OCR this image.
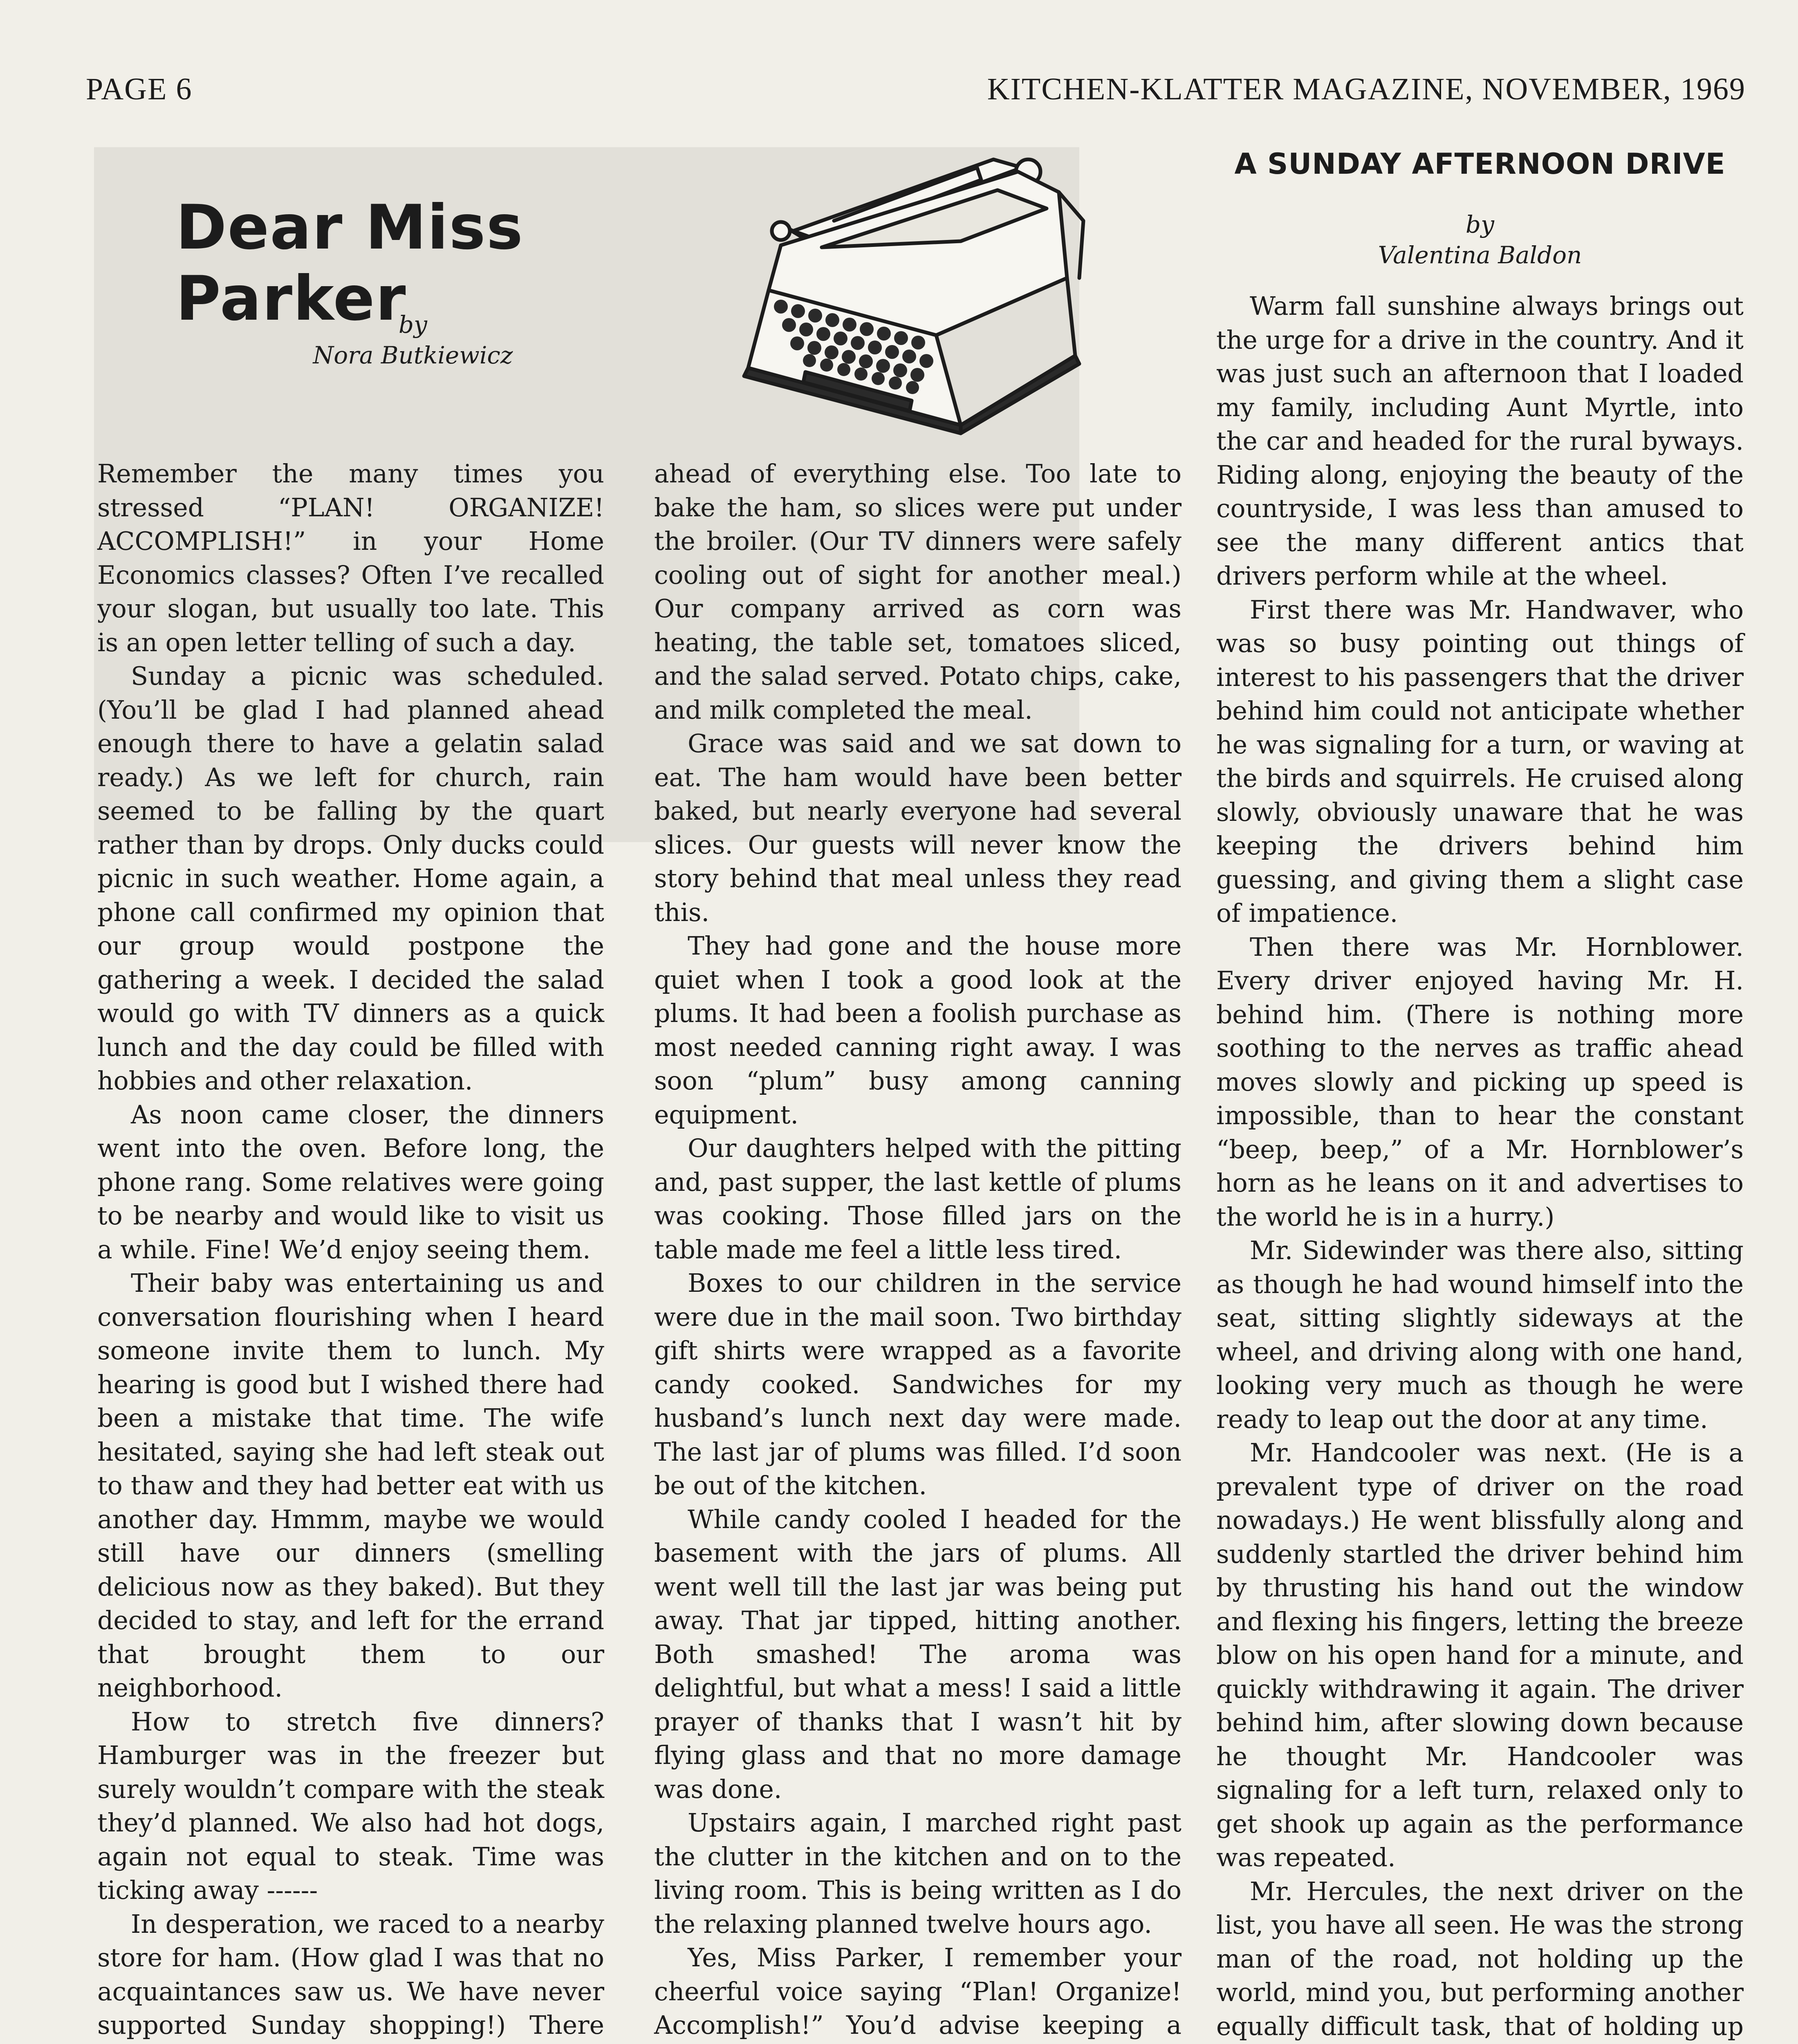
PAGE 6	KITCHEN-KLATTER MAGAZINE, NOVEMBER, 1969
Dear Miss Parker
by
Nora Butkiewicz

Remember the many times you stressed “PLAN! ORGANIZE! ACCOMPLISH!” in your Home Economics classes? Often I’ve recalled your slogan, but usually too late. This is an open letter telling of such a day.

Sunday a picnic was scheduled. (You’ll be glad I had planned ahead enough there to have a gelatin salad ready.) As we left for church, rain seemed to be falling by the quart rather than by drops. Only ducks could picnic in such weather. Home again, a phone call confirmed my opinion that our group would postpone the gathering a week. I decided the salad would go with TV dinners as a quick lunch and the day could be filled with hobbies and other relaxation.

As noon came closer, the dinners went into the oven. Before long, the phone rang. Some relatives were going to be nearby and would like to visit us a while. Fine! We’d enjoy seeing them.

Their baby was entertaining us and conversation flourishing when I heard someone invite them to lunch. My hearing is good but I wished there had been a mistake that time. The wife hesitated, saying she had left steak out to thaw and they had better eat with us another day. Hmmm, maybe we would still have our dinners (smelling delicious now as they baked). But they decided to stay, and left for the errand that brought them to our neighborhood.

How to stretch five dinners? Hamburger was in the freezer but surely wouldn’t compare with the steak they’d planned. We also had hot dogs, again not equal to steak. Time was ticking away ------

In desperation, we raced to a nearby store for ham. (How glad I was that no acquaintances saw us. We have never supported Sunday shopping!) There

ahead of everything else. Too late to bake the ham, so slices were put under the broiler. (Our TV dinners were safely cooling out of sight for another meal.) Our company arrived as corn was heating, the table set, tomatoes sliced, and the salad served. Potato chips, cake, and milk completed the meal.

Grace was said and we sat down to eat. The ham would have been better baked, but nearly everyone had several slices. Our guests will never know the story behind that meal unless they read this.

They had gone and the house more quiet when I took a good look at the plums. It had been a foolish purchase as most needed canning right away. I was soon “plum” busy among canning equipment.

Our daughters helped with the pitting and, past supper, the last kettle of plums was cooking. Those filled jars on the table made me feel a little less tired.

Boxes to our children in the service were due in the mail soon. Two birthday gift shirts were wrapped as a favorite candy cooked. Sandwiches for my husband’s lunch next day were made. The last jar of plums was filled. I’d soon be out of the kitchen.

While candy cooled I headed for the basement with the jars of plums. All went well till the last jar was being put away. That jar tipped, hitting another. Both smashed! The aroma was delightful, but what a mess! I said a little prayer of thanks that I wasn’t hit by flying glass and that no more damage was done.

Upstairs again, I marched right past the clutter in the kitchen and on to the living room. This is being written as I do the relaxing planned twelve hours ago.

Yes, Miss Parker, I remember your cheerful voice saying “Plan! Organize! Accomplish!” You’d advise keeping a

A SUNDAY AFTERNOON DRIVE
by
Valentina Baldon

Warm fall sunshine always brings out the urge for a drive in the country. And it was just such an afternoon that I loaded my family, including Aunt Myrtle, into the car and headed for the rural byways. Riding along, enjoying the beauty of the countryside, I was less than amused to see the many different antics that drivers perform while at the wheel.

First there was Mr. Handwaver, who was so busy pointing out things of interest to his passengers that the driver behind him could not anticipate whether he was signaling for a turn, or waving at the birds and squirrels. He cruised along slowly, obviously unaware that he was keeping the drivers behind him guessing, and giving them a slight case of impatience.

Then there was Mr. Hornblower. Every driver enjoyed having Mr. H. behind him. (There is nothing more soothing to the nerves as traffic ahead moves slowly and picking up speed is impossible, than to hear the constant “beep, beep,” of a Mr. Hornblower’s horn as he leans on it and advertises to the world he is in a hurry.)

Mr. Sidewinder was there also, sitting as though he had wound himself into the seat, sitting slightly sideways at the wheel, and driving along with one hand, looking very much as though he were ready to leap out the door at any time.

Mr. Handcooler was next. (He is a prevalent type of driver on the road nowadays.) He went blissfully along and suddenly startled the driver behind him by thrusting his hand out the window and flexing his fingers, letting the breeze blow on his open hand for a minute, and quickly withdrawing it again. The driver behind him, after slowing down because he thought Mr. Handcooler was signaling for a left turn, relaxed only to get shook up again as the performance was repeated.

Mr. Hercules, the next driver on the list, you have all seen. He was the strong man of the road, not holding up the world, mind you, but performing another equally difficult task, that of holding up
